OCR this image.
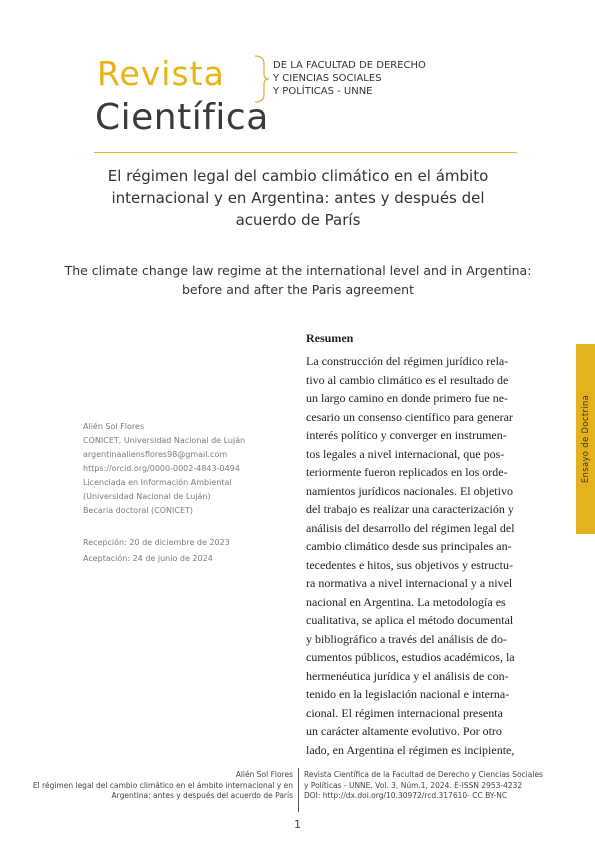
Revista
Científica
DE LA FACULTAD DE DERECHO
Y CIENCIAS SOCIALES
Y POLÍTICAS - UNNE
El régimen legal del cambio climático en el ámbito internacional y en Argentina: antes y después del acuerdo de París
The climate change law regime at the international level and in Argentina: before and after the Paris agreement
Alién Sol Flores
CONICET, Universidad Nacional de Luján
argentinaaliensflores98@gmail.com
https://orcid.org/0000-0002-4843-0494
Licenciada en Información Ambiental
(Universidad Nacional de Luján)
Becaria doctoral (CONICET)
Recepción: 20 de diciembre de 2023
Aceptación: 24 de junio de 2024
Resumen
La construcción del régimen jurídico rela-
tivo al cambio climático es el resultado de
un largo camino en donde primero fue ne-
cesario un consenso científico para generar
interés político y converger en instrumen-
tos legales a nivel internacional, que pos-
teriormente fueron replicados en los orde-
namientos jurídicos nacionales. El objetivo
del trabajo es realizar una caracterización y
análisis del desarrollo del régimen legal del
cambio climático desde sus principales an-
tecedentes e hitos, sus objetivos y estructu-
ra normativa a nivel internacional y a nivel
nacional en Argentina. La metodología es
cualitativa, se aplica el método documental
y bibliográfico a través del análisis de do-
cumentos públicos, estudios académicos, la
hermenéutica jurídica y el análisis de con-
tenido en la legislación nacional e interna-
cional. El régimen internacional presenta
un carácter altamente evolutivo. Por otro
lado, en Argentina el régimen es incipiente,
Ensayo de Doctrina
Alién Sol Flores
El régimen legal del cambio climático en el ámbito internacional y en
Argentina: antes y después del acuerdo de París
Revista Científica de la Facultad de Derecho y Ciencias Sociales
y Políticas - UNNE. Vol. 3, Núm.1, 2024. E-ISSN 2953-4232
DOI: http://dx.doi.org/10.30972/rcd.317610- CC BY-NC
1
